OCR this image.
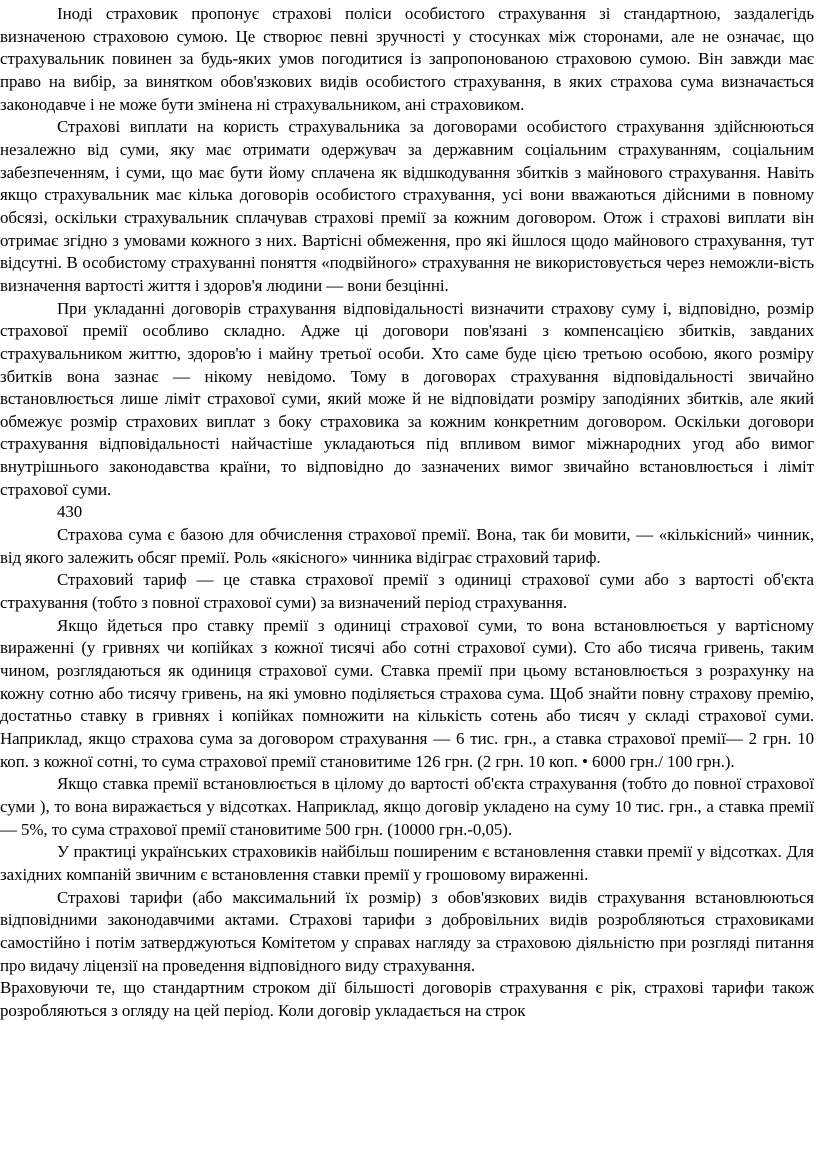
Іноді страховик пропонує страхові поліси особистого страхування зі стандартною, заздалегідь визначеною страховою сумою. Це створює певні зручності у стосунках між сторонами, але не означає, що страхувальник повинен за будь-яких умов погодитися із запропонованою страховою сумою. Він завжди має право на вибір, за винятком обов'язкових видів особистого страхування, в яких страхова сума визначається законодавче і не може бути змінена ні страхувальником, ані страховиком.

Страхові виплати на користь страхувальника за договорами особистого страхування здійснюються незалежно від суми, яку має отримати одержувач за державним соціальним страхуванням, соціальним забезпеченням, і суми, що має бути йому сплачена як відшкодування збитків з майнового страхування. Навіть якщо страхувальник має кілька договорів особистого страхування, усі вони вважаються дійсними в повному обсязі, оскільки страхувальник сплачував страхові премії за кожним договором. Отож і страхові виплати він отримає згідно з умовами кожного з них. Вартісні обмеження, про які йшлося щодо майнового страхування, тут відсутні. В особистому страхуванні поняття «подвійного» страхування не використовується через неможли-вість визначення вартості життя і здоров'я людини — вони безцінні.

При укладанні договорів страхування відповідальності визначити страхову суму і, відповідно, розмір страхової премії особливо складно. Адже ці договори пов'язані з компенсацією збитків, завданих страхувальником життю, здоров'ю і майну третьої особи. Хто саме буде цією третьою особою, якого розміру збитків вона зазнає — нікому невідомо. Тому в договорах страхування відповідальності звичайно встановлюється лише ліміт страхової суми, який може й не відповідати розміру заподіяних збитків, але який обмежує розмір страхових виплат з боку страховика за кожним конкретним договором. Оскільки договори страхування відповідальності найчастіше укладаються під впливом вимог міжнародних угод або вимог внутрішнього законодавства країни, то відповідно до зазначених вимог звичайно встановлюється і ліміт страхової суми.

430

Страхова сума є базою для обчислення страхової премії. Вона, так би мовити, — «кількісний» чинник, від якого залежить обсяг премії. Роль «якісного» чинника відіграє страховий тариф.

Страховий тариф — це ставка страхової премії з одиниці страхової суми або з вартості об'єкта страхування (тобто з повної страхової суми) за визначений період страхування.

Якщо йдеться про ставку премії з одиниці страхової суми, то вона встановлюється у вартісному вираженні (у гривнях чи копійках з кожної тисячі або сотні страхової суми). Сто або тисяча гривень, таким чином, розглядаються як одиниця страхової суми. Ставка премії при цьому встановлюється з розрахунку на кожну сотню або тисячу гривень, на які умовно поділяється страхова сума. Щоб знайти повну страхову премію, достатньо ставку в гривнях і копійках помножити на кількість сотень або тисяч у складі страхової суми. Наприклад, якщо страхова сума за договором страхування — 6 тис. грн., а ставка страхової премії— 2 грн. 10 коп. з кожної сотні, то сума страхової премії становитиме 126 грн. (2 грн. 10 коп. • 6000 грн./ 100 грн.).

Якщо ставка премії встановлюється в цілому до вартості об'єкта страхування (тобто до повної страхової суми ), то вона виражається у відсотках. Наприклад, якщо договір укладено на суму 10 тис. грн., а ставка премії — 5%, то сума страхової премії становитиме 500 грн. (10000 грн.-0,05).

У практиці українських страховиків найбільш поширеним є встановлення ставки премії у відсотках. Для західних компаній звичним є встановлення ставки премії у грошовому вираженні.

Страхові тарифи (або максимальний їх розмір) з обов'язкових видів страхування встановлюються відповідними законодавчими актами. Страхові тарифи з добровільних видів розробляються страховиками самостійно і потім затверджуються Комітетом у справах нагляду за страховою діяльністю при розгляді питання про видачу ліцензії на проведення відповідного виду страхування.

Враховуючи те, що стандартним строком дії більшості договорів страхування є рік, страхові тарифи також розробляються з огляду на цей період. Коли договір укладається на строк
